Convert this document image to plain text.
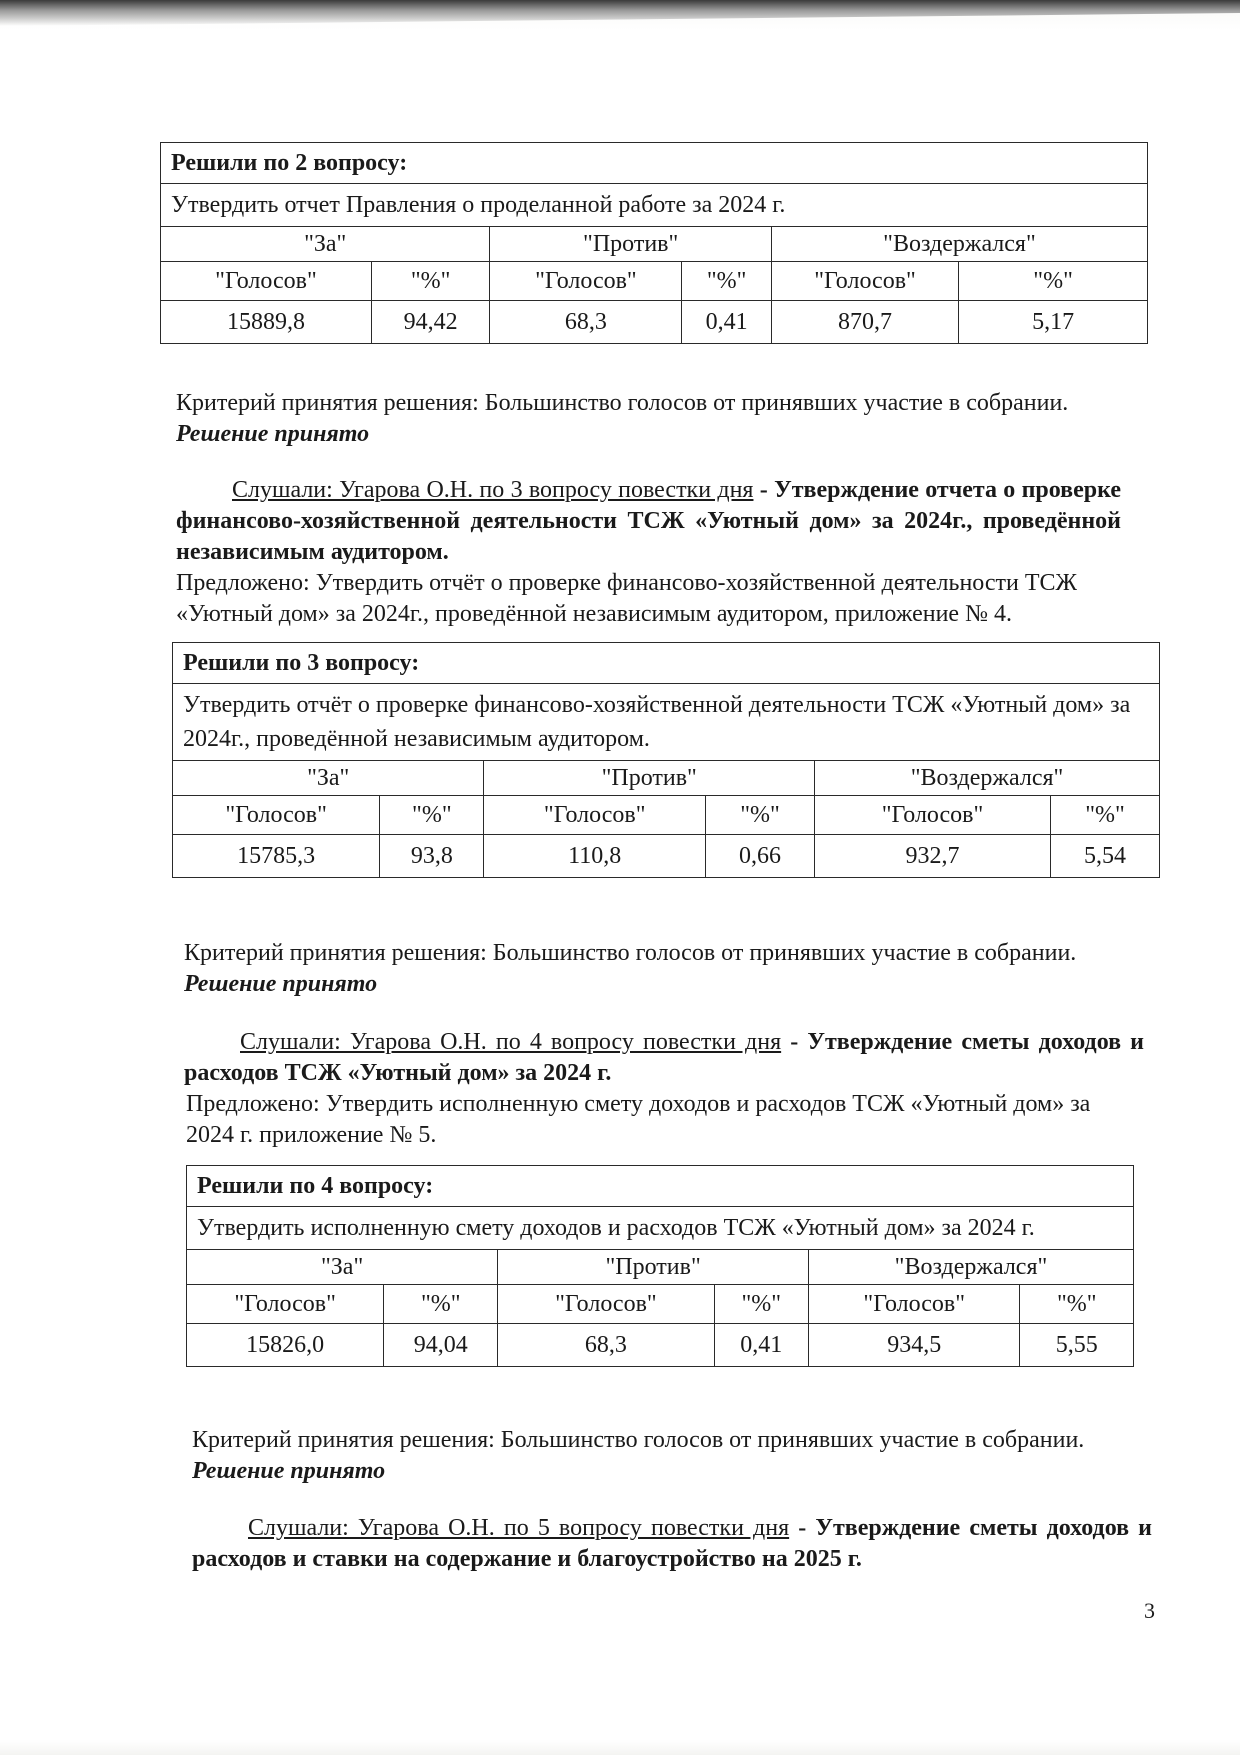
Решили по 2 вопросу:					
Утвердить отчет Правления о проделанной работе за 2024 г.					
"За"		"Против"		"Воздержался"	
"Голосов"	"%"	"Голосов"	"%"	"Голосов"	"%"
15889,8	94,42	68,3	0,41	870,7	5,17
Критерий принятия решения: Большинство голосов от принявших участие в собрании.
Решение принято
Слушали: Угарова О.Н. по 3 вопросу повестки дня - Утверждение отчета о проверке финансово-хозяйственной деятельности ТСЖ «Уютный дом» за 2024г., проведённой независимым аудитором.
Предложено: Утвердить отчёт о проверке финансово-хозяйственной деятельности ТСЖ «Уютный дом» за 2024г., проведённой независимым аудитором, приложение № 4.
Решили по 3 вопросу:					
Утвердить отчёт о проверке финансово-хозяйственной деятельности ТСЖ «Уютный дом» за 2024г., проведённой независимым аудитором.					
"За"		"Против"		"Воздержался"	
"Голосов"	"%"	"Голосов"	"%"	"Голосов"	"%"
15785,3	93,8	110,8	0,66	932,7	5,54
Критерий принятия решения: Большинство голосов от принявших участие в собрании.
Решение принято
Слушали: Угарова О.Н. по 4 вопросу повестки дня - Утверждение сметы доходов и расходов ТСЖ «Уютный дом» за 2024 г.
Предложено: Утвердить исполненную смету доходов и расходов ТСЖ «Уютный дом» за 2024 г. приложение № 5.
Решили по 4 вопросу:					
Утвердить исполненную смету доходов и расходов ТСЖ «Уютный дом» за 2024 г.					
"За"		"Против"		"Воздержался"	
"Голосов"	"%"	"Голосов"	"%"	"Голосов"	"%"
15826,0	94,04	68,3	0,41	934,5	5,55
Критерий принятия решения: Большинство голосов от принявших участие в собрании.
Решение принято
Слушали: Угарова О.Н. по 5 вопросу повестки дня - Утверждение сметы доходов и расходов и ставки на содержание и благоустройство на 2025 г.
3
